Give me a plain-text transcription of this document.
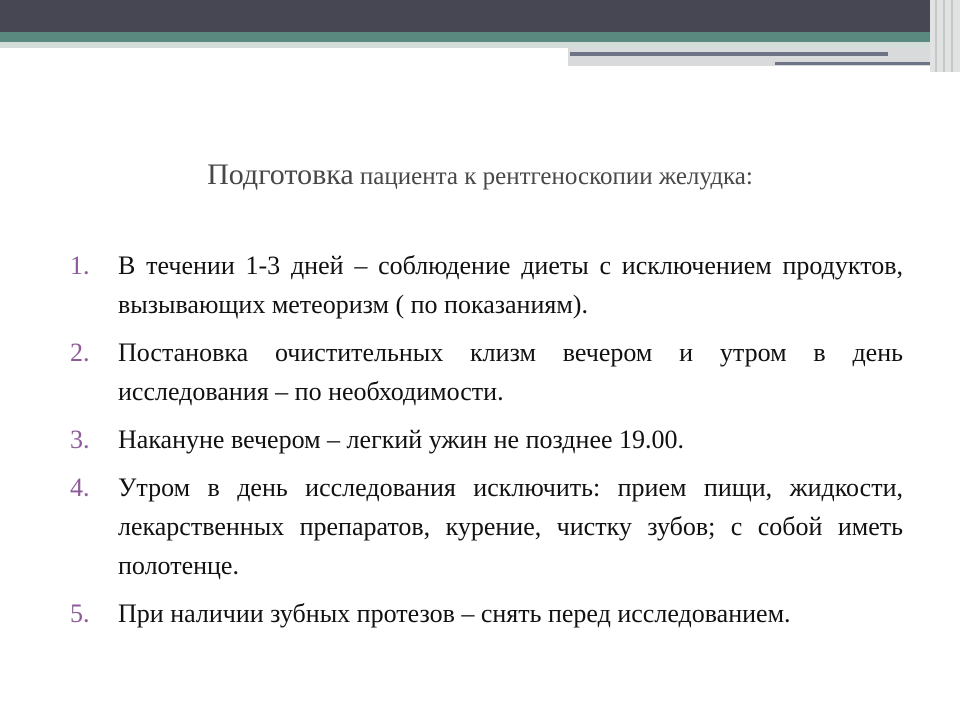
Подготовка пациента к рентгеноскопии желудка:
1.	В течении 1-3 дней – соблюдение диеты с исключением продуктов, вызывающих метеоризм ( по показаниям).
2.	Постановка очистительных клизм вечером и утром в день исследования – по необходимости.
3.	Накануне вечером – легкий ужин не позднее 19.00.
4.	Утром в день исследования исключить: прием пищи, жидкости, лекарственных препаратов, курение, чистку зубов; с собой иметь полотенце.
5.	При наличии зубных протезов – снять перед исследованием.
